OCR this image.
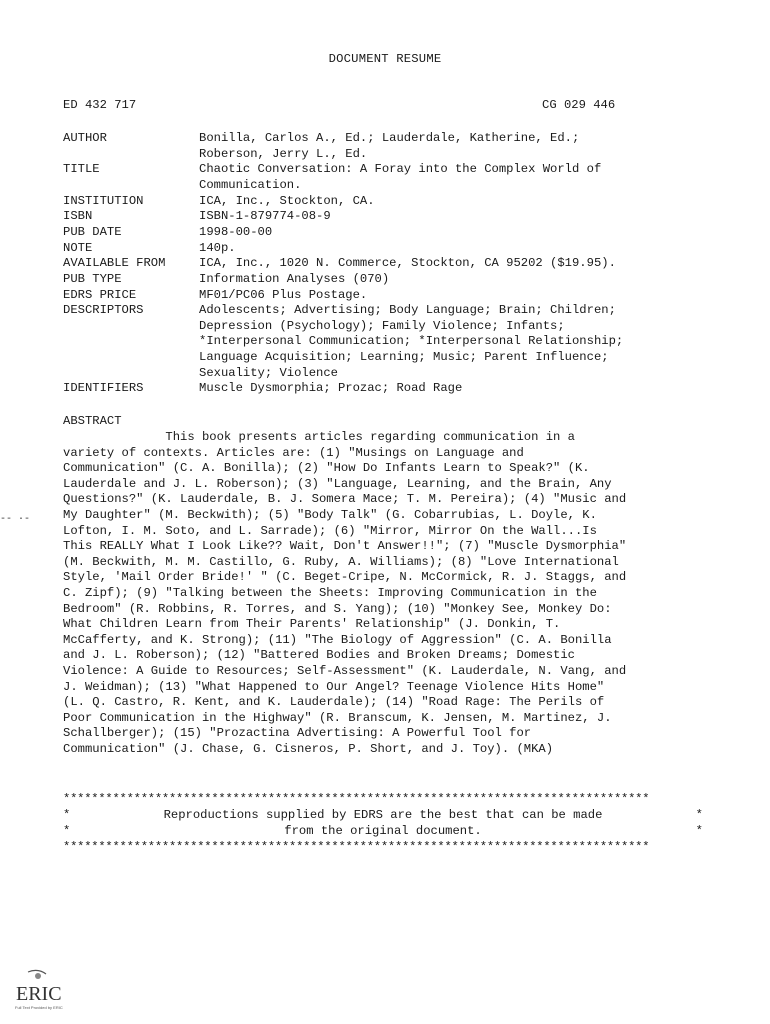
DOCUMENT RESUME
ED 432 717	CG 029 446
AUTHOR	Bonilla, Carlos A., Ed.; Lauderdale, Katherine, Ed.;
Roberson, Jerry L., Ed.
TITLE	Chaotic Conversation: A Foray into the Complex World of
Communication.
INSTITUTION	ICA, Inc., Stockton, CA.
ISBN	ISBN-1-879774-08-9
PUB DATE	1998-00-00
NOTE	140p.
AVAILABLE FROM	ICA, Inc., 1020 N. Commerce, Stockton, CA 95202 ($19.95).
PUB TYPE	Information Analyses (070)
EDRS PRICE	MF01/PC06 Plus Postage.
DESCRIPTORS	Adolescents; Advertising; Body Language; Brain; Children;
Depression (Psychology); Family Violence; Infants;
*Interpersonal Communication; *Interpersonal Relationship;
Language Acquisition; Learning; Music; Parent Influence;
Sexuality; Violence
IDENTIFIERS	Muscle Dysmorphia; Prozac; Road Rage
ABSTRACT
This book presents articles regarding communication in a
variety of contexts. Articles are: (1) "Musings on Language and
Communication" (C. A. Bonilla); (2) "How Do Infants Learn to Speak?" (K.
Lauderdale and J. L. Roberson); (3) "Language, Learning, and the Brain, Any
Questions?" (K. Lauderdale, B. J. Somera Mace; T. M. Pereira); (4) "Music and
My Daughter" (M. Beckwith); (5) "Body Talk" (G. Cobarrubias, L. Doyle, K.
Lofton, I. M. Soto, and L. Sarrade); (6) "Mirror, Mirror On the Wall...Is
This REALLY What I Look Like?? Wait, Don't Answer!!"; (7) "Muscle Dysmorphia"
(M. Beckwith, M. M. Castillo, G. Ruby, A. Williams); (8) "Love International
Style, 'Mail Order Bride!' " (C. Beget-Cripe, N. McCormick, R. J. Staggs, and
C. Zipf); (9) "Talking between the Sheets: Improving Communication in the
Bedroom" (R. Robbins, R. Torres, and S. Yang); (10) "Monkey See, Monkey Do:
What Children Learn from Their Parents' Relationship" (J. Donkin, T.
McCafferty, and K. Strong); (11) "The Biology of Aggression" (C. A. Bonilla
and J. L. Roberson); (12) "Battered Bodies and Broken Dreams; Domestic
Violence: A Guide to Resources; Self-Assessment" (K. Lauderdale, N. Vang, and
J. Weidman); (13) "What Happened to Our Angel? Teenage Violence Hits Home"
(L. Q. Castro, R. Kent, and K. Lauderdale); (14) "Road Rage: The Perils of
Poor Communication in the Highway" (R. Branscum, K. Jensen, M. Martinez, J.
Schallberger); (15) "Prozactina Advertising: A Powerful Tool for
Communication" (J. Chase, G. Cisneros, P. Short, and J. Toy). (MKA)
***********************************************************************************
*	Reproductions supplied by EDRS are the best that can be made	*
*	from the original document.	*
***********************************************************************************
-- ·-
ERIC
Full Text Provided by ERIC
